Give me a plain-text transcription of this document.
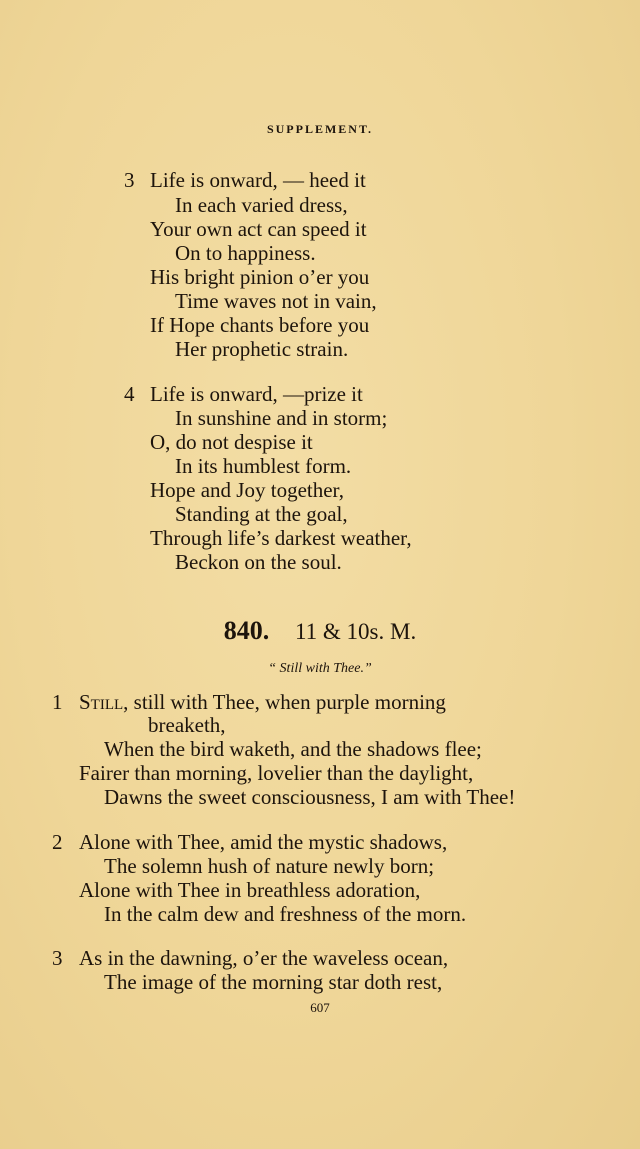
SUPPLEMENT.
3 Life is onward, — heed it
In each varied dress,
Your own act can speed it
On to happiness.
His bright pinion o’er you
Time waves not in vain,
If Hope chants before you
Her prophetic strain.
4 Life is onward, —prize it
In sunshine and in storm;
O, do not despise it
In its humblest form.
Hope and Joy together,
Standing at the goal,
Through life’s darkest weather,
Beckon on the soul.
840. 11 & 10s. M.
“ Still with Thee.”
1 Still, still with Thee, when purple morning
breaketh,
When the bird waketh, and the shadows flee;
Fairer than morning, lovelier than the daylight,
Dawns the sweet consciousness, I am with Thee!
2 Alone with Thee, amid the mystic shadows,
The solemn hush of nature newly born;
Alone with Thee in breathless adoration,
In the calm dew and freshness of the morn.
3 As in the dawning, o’er the waveless ocean,
The image of the morning star doth rest,
607
